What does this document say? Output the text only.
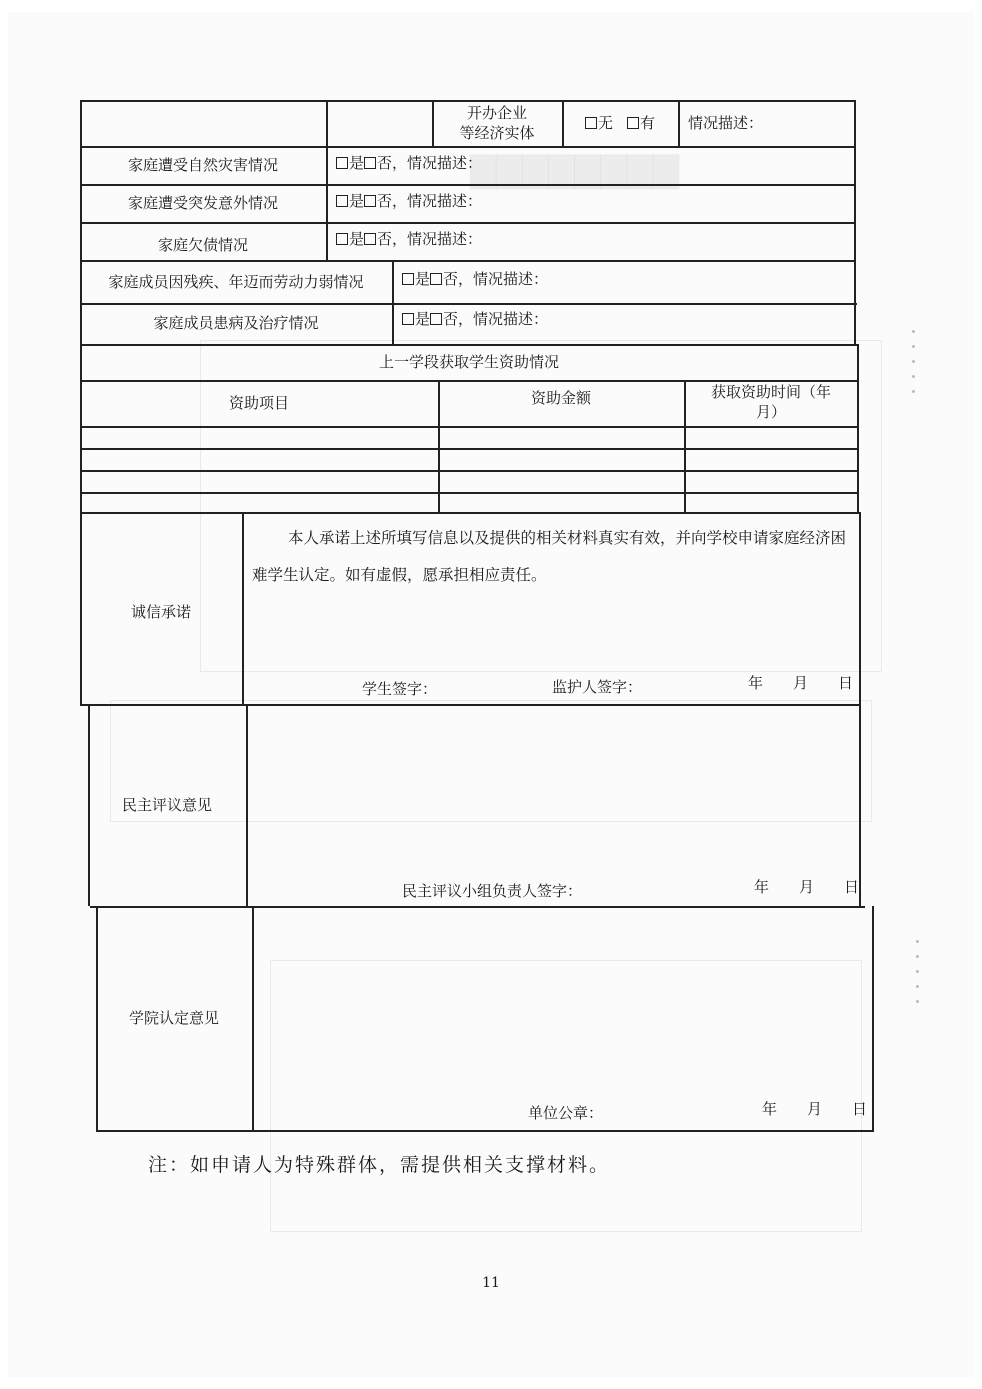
开办企业
等经济实体
无 有	情况描述：
家庭遭受自然灾害情况	是 否，情况描述：
家庭遭受突发意外情况	是 否，情况描述：
家庭欠债情况	是 否，情况描述：
家庭成员因残疾、年迈而劳动力弱情况	是 否，情况描述：
家庭成员患病及治疗情况	是 否，情况描述：
上一学段获取学生资助情况
资助项目	资助金额	获取资助时间（年
月）
诚信承诺
本人承诺上述所填写信息以及提供的相关材料真实有效，并向学校申请家庭经济困难学生认定。如有虚假，愿承担相应责任。
学生签字：	监护人签字：	年　　月　　日
民主评议意见
民主评议小组负责人签字：	年　　月　　日
学院认定意见
单位公章：	年　　月　　日
注：如申请人为特殊群体，需提供相关支撑材料。
11
